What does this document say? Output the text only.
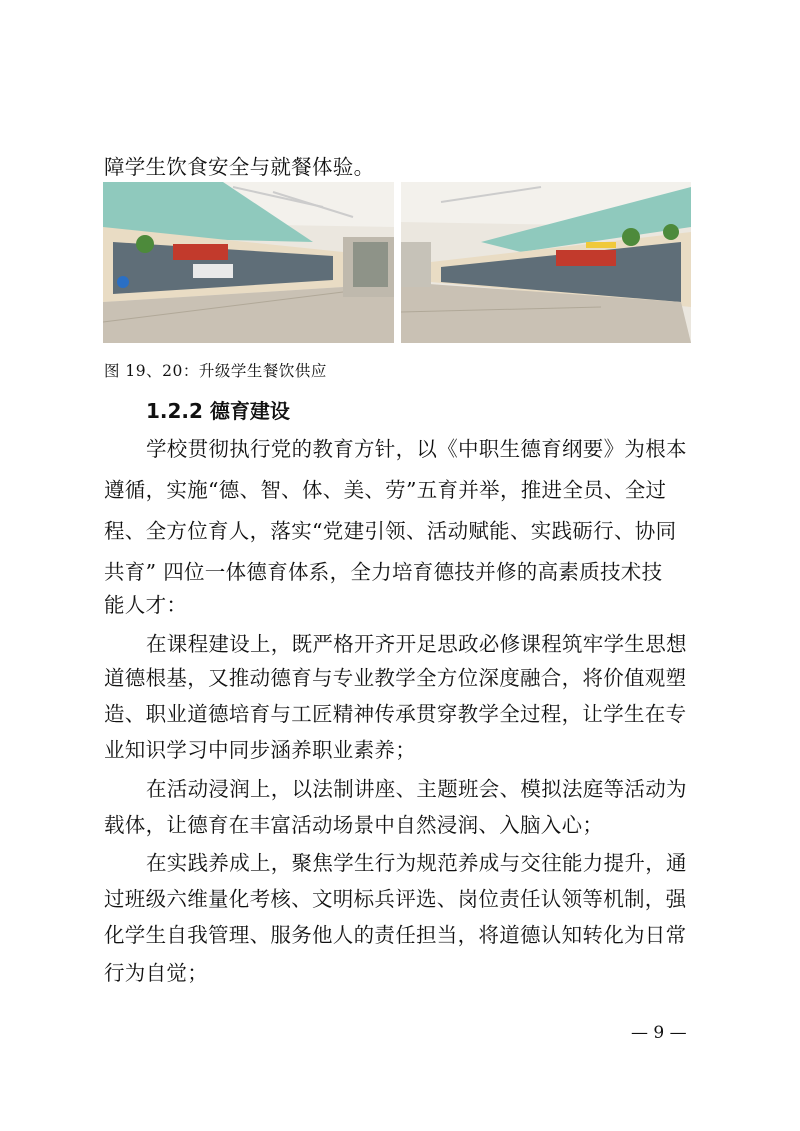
障学生饮食安全与就餐体验。
图 19、20：升级学生餐饮供应
1.2.2 德育建设
学校贯彻执行党的教育方针，以《中职生德育纲要》为根本
遵循，实施“德、智、体、美、劳”五育并举，推进全员、全过
程、全方位育人，落实“党建引领、活动赋能、实践砺行、协同
共育” 四位一体德育体系，全力培育德技并修的高素质技术技
能人才：
在课程建设上，既严格开齐开足思政必修课程筑牢学生思想
道德根基，又推动德育与专业教学全方位深度融合，将价值观塑
造、职业道德培育与工匠精神传承贯穿教学全过程，让学生在专
业知识学习中同步涵养职业素养；
在活动浸润上，以法制讲座、主题班会、模拟法庭等活动为
载体，让德育在丰富活动场景中自然浸润、入脑入心；
在实践养成上，聚焦学生行为规范养成与交往能力提升，通
过班级六维量化考核、文明标兵评选、岗位责任认领等机制，强
化学生自我管理、服务他人的责任担当，将道德认知转化为日常
行为自觉；
— 9 —
